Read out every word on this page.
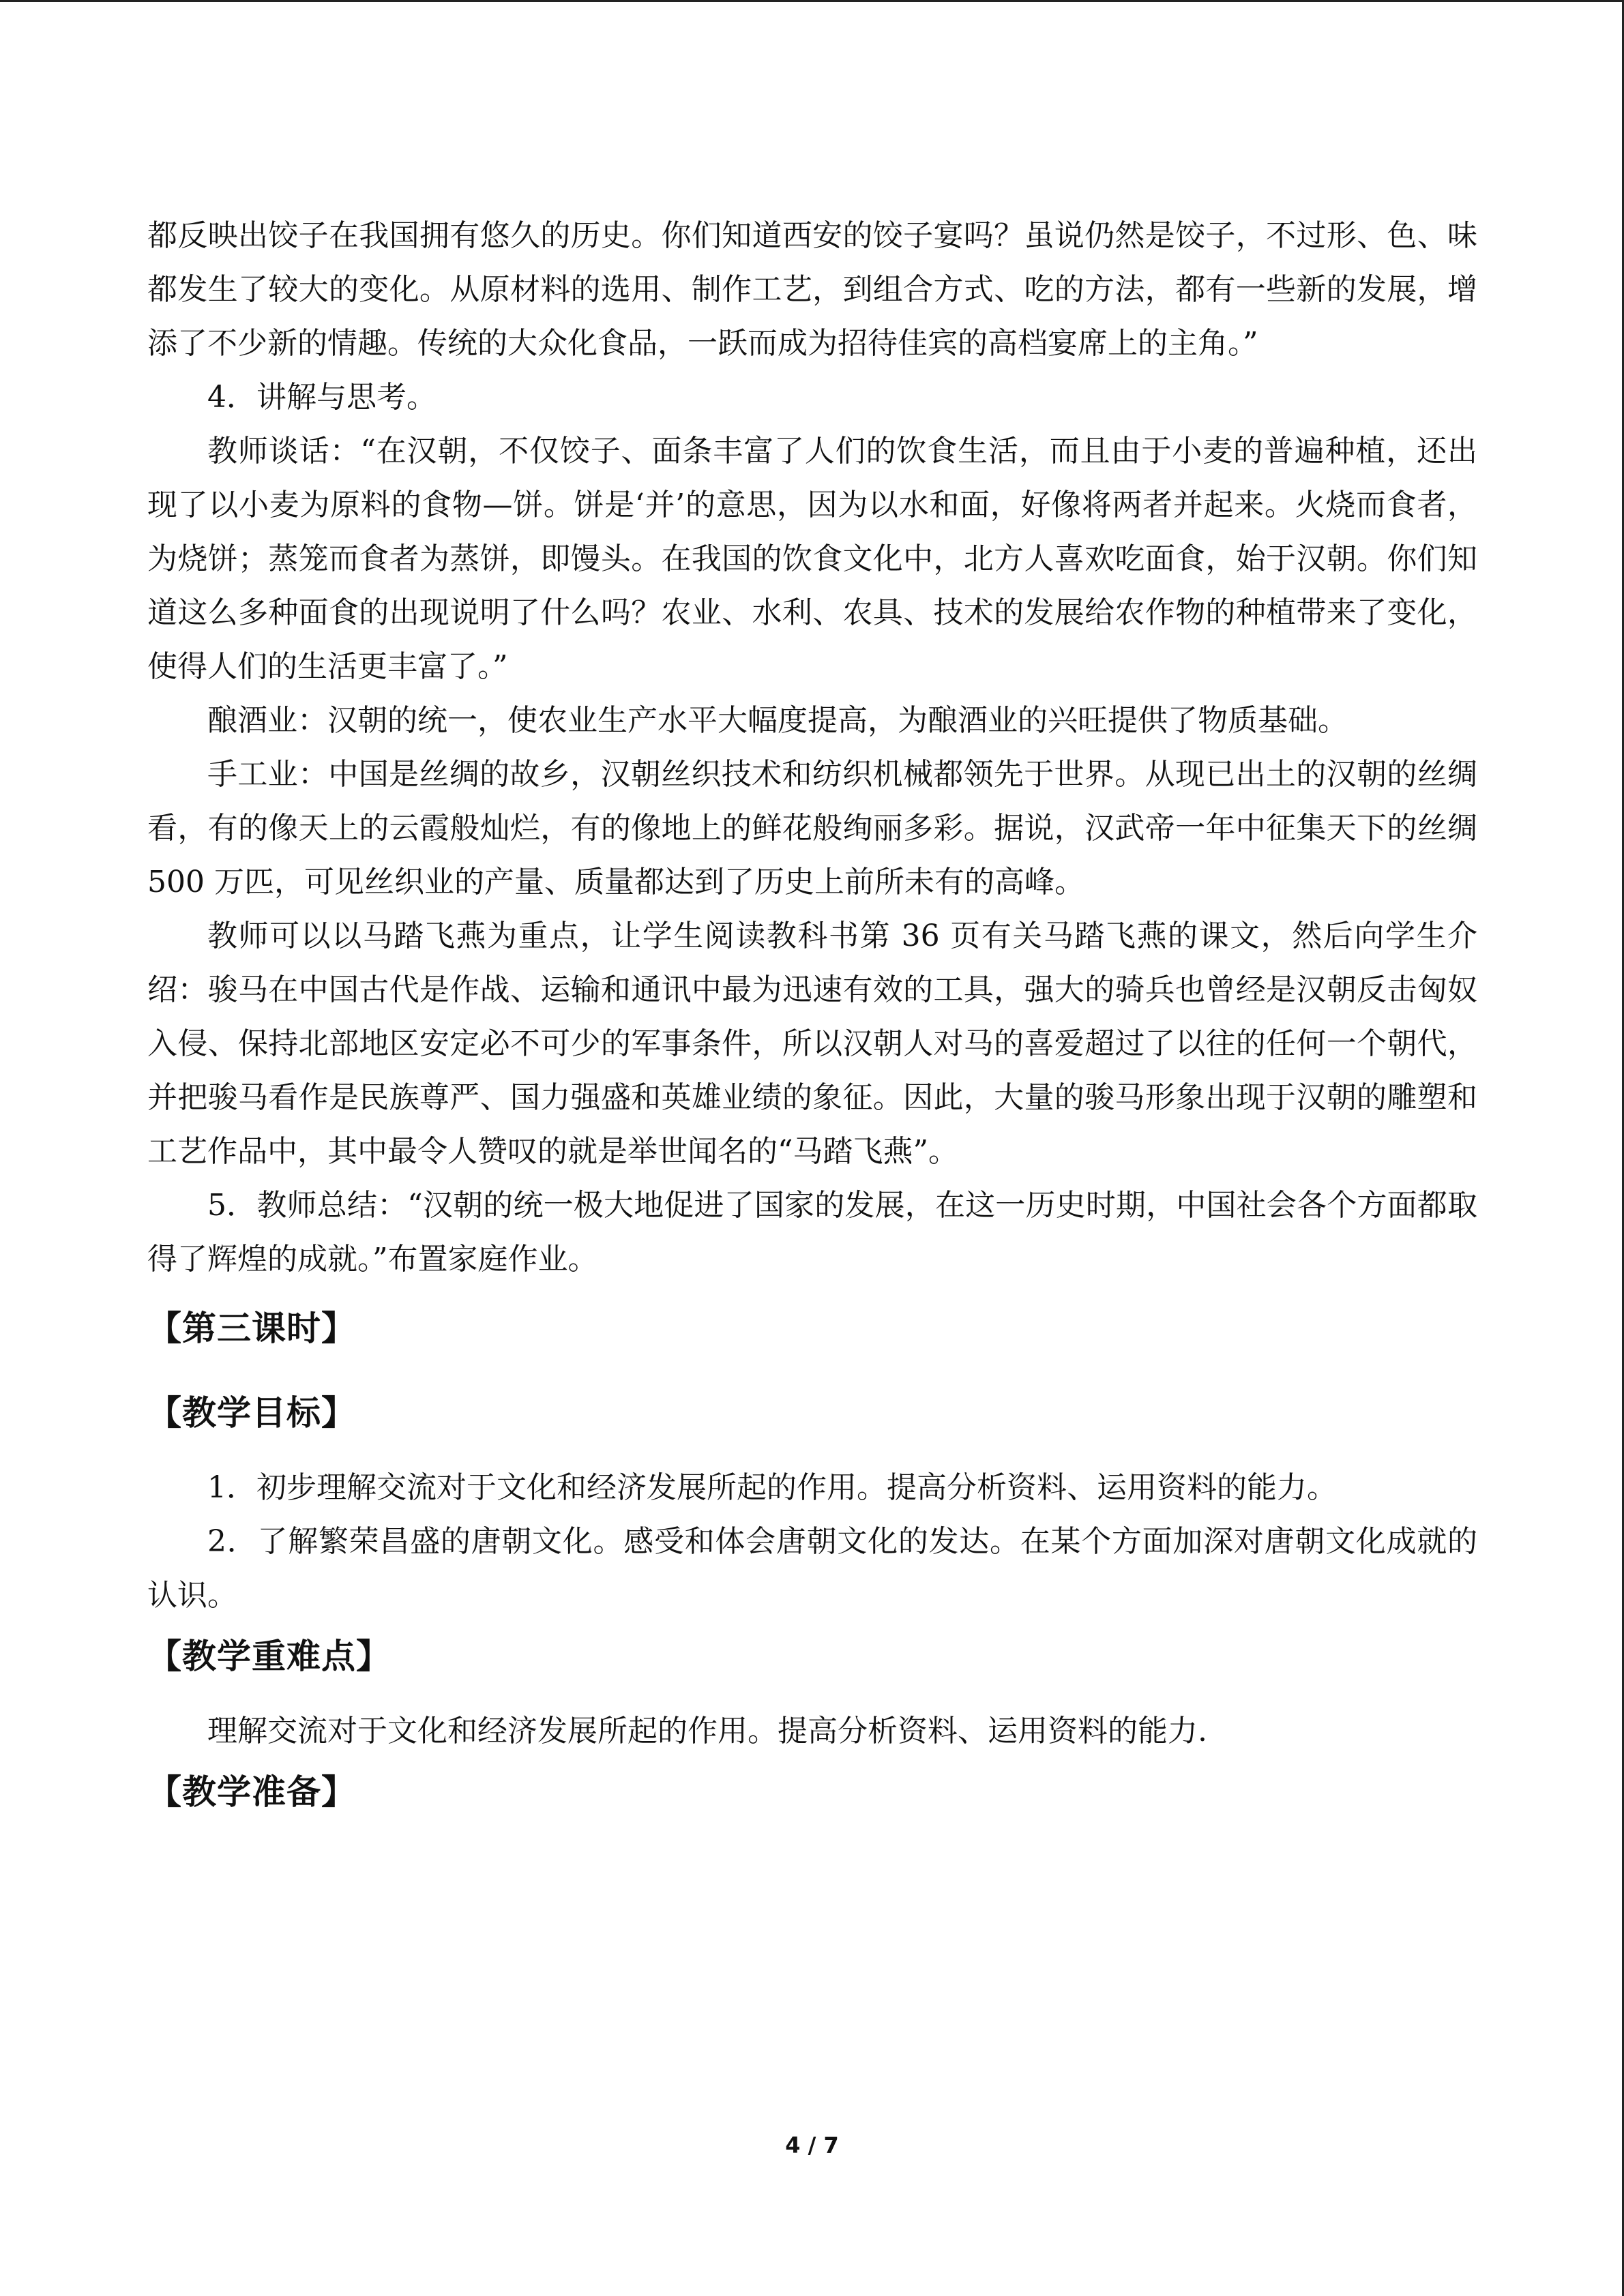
都反映出饺子在我国拥有悠久的历史。你们知道西安的饺子宴吗？虽说仍然是饺子，不过形、色、味都发生了较大的变化。从原材料的选用、制作工艺，到组合方式、吃的方法，都有一些新的发展，增添了不少新的情趣。传统的大众化食品，一跃而成为招待佳宾的高档宴席上的主角。”

4．讲解与思考。

教师谈话：“在汉朝，不仅饺子、面条丰富了人们的饮食生活，而且由于小麦的普遍种植，还出现了以小麦为原料的食物—饼。饼是‘并’的意思，因为以水和面，好像将两者并起来。火烧而食者，为烧饼；蒸笼而食者为蒸饼，即馒头。在我国的饮食文化中，北方人喜欢吃面食，始于汉朝。你们知道这么多种面食的出现说明了什么吗？农业、水利、农具、技术的发展给农作物的种植带来了变化，使得人们的生活更丰富了。”

酿酒业：汉朝的统一，使农业生产水平大幅度提高，为酿酒业的兴旺提供了物质基础。

手工业：中国是丝绸的故乡，汉朝丝织技术和纺织机械都领先于世界。从现已出土的汉朝的丝绸看，有的像天上的云霞般灿烂，有的像地上的鲜花般绚丽多彩。据说，汉武帝一年中征集天下的丝绸 500 万匹，可见丝织业的产量、质量都达到了历史上前所未有的高峰。

教师可以以马踏飞燕为重点，让学生阅读教科书第 36 页有关马踏飞燕的课文，然后向学生介绍：骏马在中国古代是作战、运输和通讯中最为迅速有效的工具，强大的骑兵也曾经是汉朝反击匈奴入侵、保持北部地区安定必不可少的军事条件，所以汉朝人对马的喜爱超过了以往的任何一个朝代，并把骏马看作是民族尊严、国力强盛和英雄业绩的象征。因此，大量的骏马形象出现于汉朝的雕塑和工艺作品中，其中最令人赞叹的就是举世闻名的“马踏飞燕”。

5．教师总结：“汉朝的统一极大地促进了国家的发展，在这一历史时期，中国社会各个方面都取得了辉煌的成就。”布置家庭作业。

【第三课时】
【教学目标】

1．初步理解交流对于文化和经济发展所起的作用。提高分析资料、运用资料的能力。

2．了解繁荣昌盛的唐朝文化。感受和体会唐朝文化的发达。在某个方面加深对唐朝文化成就的认识。

【教学重难点】

理解交流对于文化和经济发展所起的作用。提高分析资料、运用资料的能力.

【教学准备】
4 / 7
